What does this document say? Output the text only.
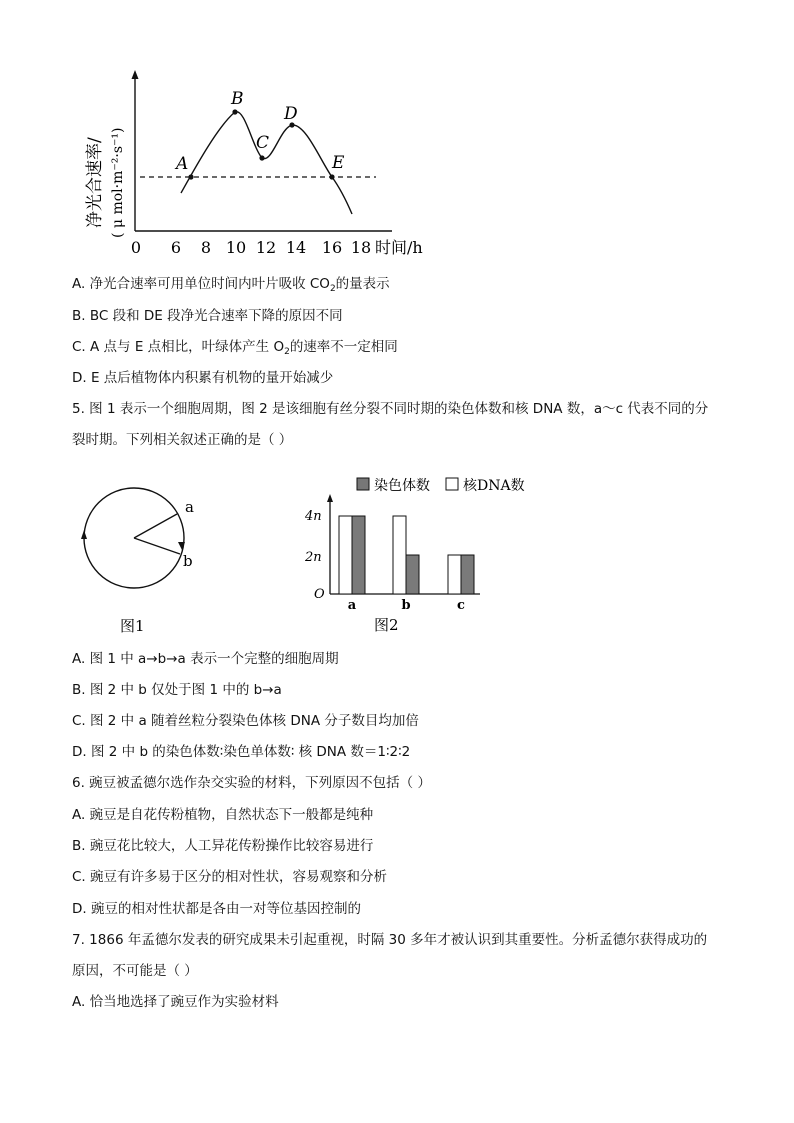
A
B
C
D
E
0 6 8 10 12 14 16 18 时间/h
净光合速率/ ( μ mol·m⁻²·s⁻¹)
A. 净光合速率可用单位时间内叶片吸收 $CO_2$的量表示
B. BC 段和 DE 段净光合速率下降的原因不同
C. A 点与 E 点相比，叶绿体产生 $O_2$的速率不一定相同
D. E 点后植物体内积累有机物的量开始减少
5. 图 1 表示一个细胞周期，图 2 是该细胞有丝分裂不同时期的染色体数和核 DNA 数，a～c 代表不同的分
裂时期。下列相关叙述正确的是（ ）
a
b
图1
染色体数 核DNA数
4n
2n
O
a	b	c
图2
A. 图 1 中 a→b→a 表示一个完整的细胞周期
B. 图 2 中 b 仅处于图 1 中的 b→a
C. 图 2 中 a 随着丝粒分裂染色体核 DNA 分子数目均加倍
D. 图 2 中 b 的染色体数∶染色单体数∶ 核 DNA 数＝1∶2∶2
6. 豌豆被孟德尔选作杂交实验的材料，下列原因不包括（ ）
A. 豌豆是自花传粉植物，自然状态下一般都是纯种
B. 豌豆花比较大，人工异花传粉操作比较容易进行
C. 豌豆有许多易于区分的相对性状，容易观察和分析
D. 豌豆的相对性状都是各由一对等位基因控制的
7. 1866 年孟德尔发表的研究成果未引起重视，时隔 30 多年才被认识到其重要性。分析孟德尔获得成功的
原因，不可能是（ ）
A. 恰当地选择了豌豆作为实验材料
